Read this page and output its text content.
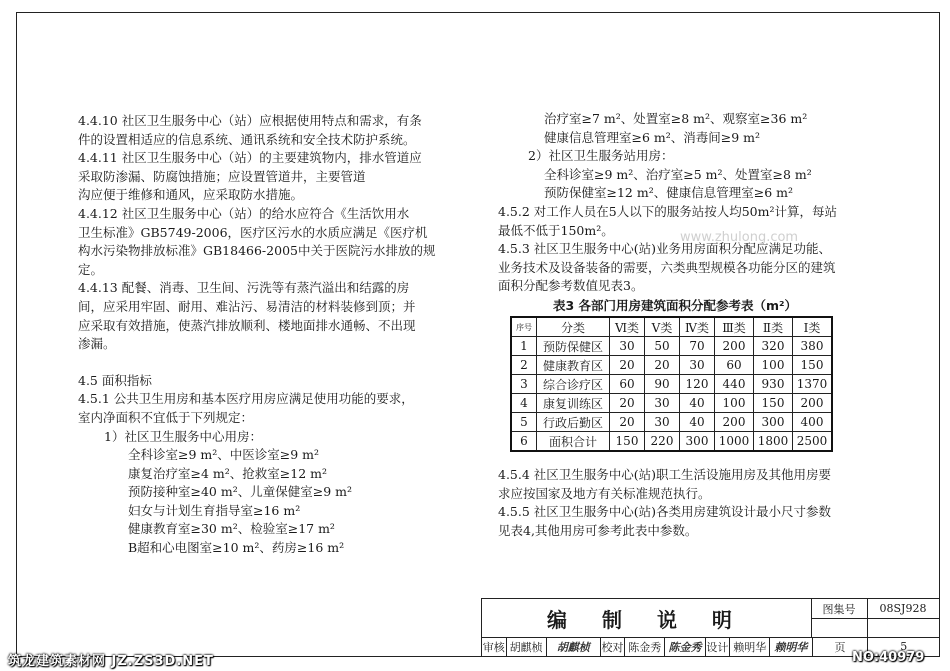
4.4.10 社区卫生服务中心（站）应根据使用特点和需求，有条

件的设置相适应的信息系统、通讯系统和安全技术防护系统。

4.4.11 社区卫生服务中心（站）的主要建筑物内，排水管道应

采取防渗漏、防腐蚀措施；应设置管道井，主要管道

沟应便于维修和通风，应采取防水措施。

4.4.12 社区卫生服务中心（站）的给水应符合《生活饮用水

卫生标准》GB5749-2006，医疗区污水的水质应满足《医疗机

构水污染物排放标准》GB18466-2005中关于医院污水排放的规

定。

4.4.13 配餐、消毒、卫生间、污洗等有蒸汽溢出和结露的房

间，应采用牢固、耐用、难沾污、易清洁的材料装修到顶；并

应采取有效措施，使蒸汽排放顺利、楼地面排水通畅、不出现

渗漏。

4.5 面积指标

4.5.1 公共卫生用房和基本医疗用房应满足使用功能的要求，

室内净面积不宜低于下列规定：

1）社区卫生服务中心用房：

全科诊室≥9 m²、中医诊室≥9 m²

康复治疗室≥4 m²、抢救室≥12 m²

预防接种室≥40 m²、儿童保健室≥9 m²

妇女与计划生育指导室≥16 m²

健康教育室≥30 m²、检验室≥17 m²

B超和心电图室≥10 m²、药房≥16 m²

治疗室≥7 m²、处置室≥8 m²、观察室≥36 m²

健康信息管理室≥6 m²、消毒间≥9 m²

2）社区卫生服务站用房：

全科诊室≥9 m²、治疗室≥5 m²、处置室≥8 m²

预防保健室≥12 m²、健康信息管理室≥6 m²

4.5.2 对工作人员在5人以下的服务站按人均50m²计算，每站

最低不低于150m²。

4.5.3 社区卫生服务中心(站)业务用房面积分配应满足功能、

业务技术及设备装备的需要，六类典型规模各功能分区的建筑

面积分配参考数值见表3。

表3 各部门用房建筑面积分配参考表（m²）
序号	分类	Ⅵ类	Ⅴ类	Ⅳ类	Ⅲ类	Ⅱ类	Ⅰ类
1	预防保健区	30	50	70	200	320	380
2	健康教育区	20	20	30	60	100	150
3	综合诊疗区	60	90	120	440	930	1370
4	康复训练区	20	30	40	100	150	200
5	行政后勤区	20	30	40	200	300	400
6	面积合计	150	220	300	1000	1800	2500

4.5.4 社区卫生服务中心(站)职工生活设施用房及其他用房要

求应按国家及地方有关标准规范执行。

4.5.5 社区卫生服务中心(站)各类用房建筑设计最小尺寸参数

见表4,其他用房可参考此表中参数。

www.zhulong.com
编 制 说 明	图集号	08SJ928
审核 胡麒桢	胡麒桢	校对 陈金秀 陈金秀 设计 赖明华 赖明华	页	5
筑龙建筑素材网 JZ.ZS3D.NET	NO:40979
